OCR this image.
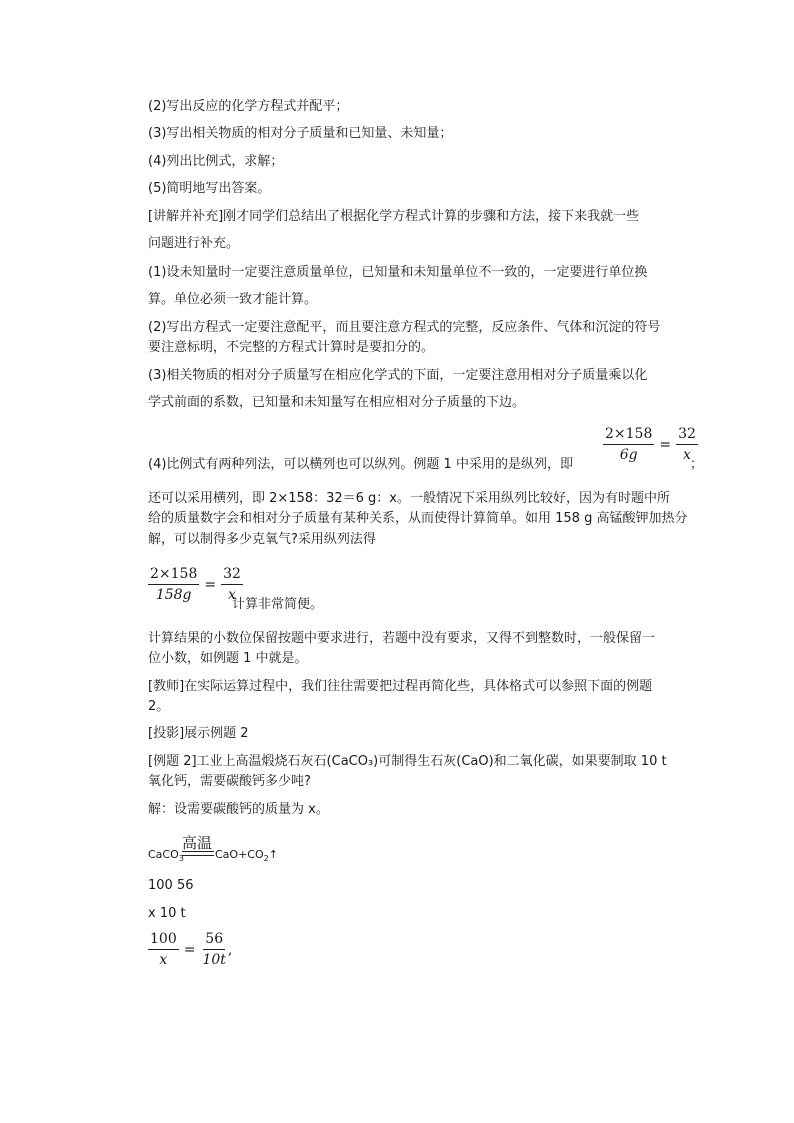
(2)写出反应的化学方程式并配平；
(3)写出相关物质的相对分子质量和已知量、未知量；
(4)列出比例式，求解；
(5)简明地写出答案。
[讲解并补充]刚才同学们总结出了根据化学方程式计算的步骤和方法，接下来我就一些
问题进行补充。
(1)设未知量时一定要注意质量单位，已知量和未知量单位不一致的，一定要进行单位换
算。单位必须一致才能计算。
(2)写出方程式一定要注意配平，而且要注意方程式的完整，反应条件、气体和沉淀的符号
要注意标明，不完整的方程式计算时是要扣分的。
(3)相关物质的相对分子质量写在相应化学式的下面，一定要注意用相对分子质量乘以化
学式前面的系数，已知量和未知量写在相应相对分子质量的下边。
(4)比例式有两种列法，可以横列也可以纵列。例题 1 中采用的是纵列，即
$\frac{2\times 158}{6g} = \frac{32}{x}$
；
还可以采用横列，即 2×158：32＝6 g：x。一般情况下采用纵列比较好，因为有时题中所
给的质量数字会和相对分子质量有某种关系，从而使得计算简单。如用 158 g 高锰酸钾加热分
解，可以制得多少克氧气?采用纵列法得
$\frac{2\times 158}{158g} = \frac{32}{x}$
计算非常简便。
计算结果的小数位保留按题中要求进行，若题中没有要求，又得不到整数时，一般保留一
位小数，如例题 1 中就是。
[教师]在实际运算过程中，我们往往需要把过程再简化些，具体格式可以参照下面的例题
2。
[投影]展示例题 2
[例题 2]工业上高温煅烧石灰石(CaCO₃)可制得生石灰(CaO)和二氧化碳，如果要制取 10 t
氧化钙，需要碳酸钙多少吨?
解：设需要碳酸钙的质量为 x。
CaCO$_3$
高温
$CaO+CO_2↑$
100 56
x 10 t
$\frac{100}{x} = \frac{56}{10t}$ ,
